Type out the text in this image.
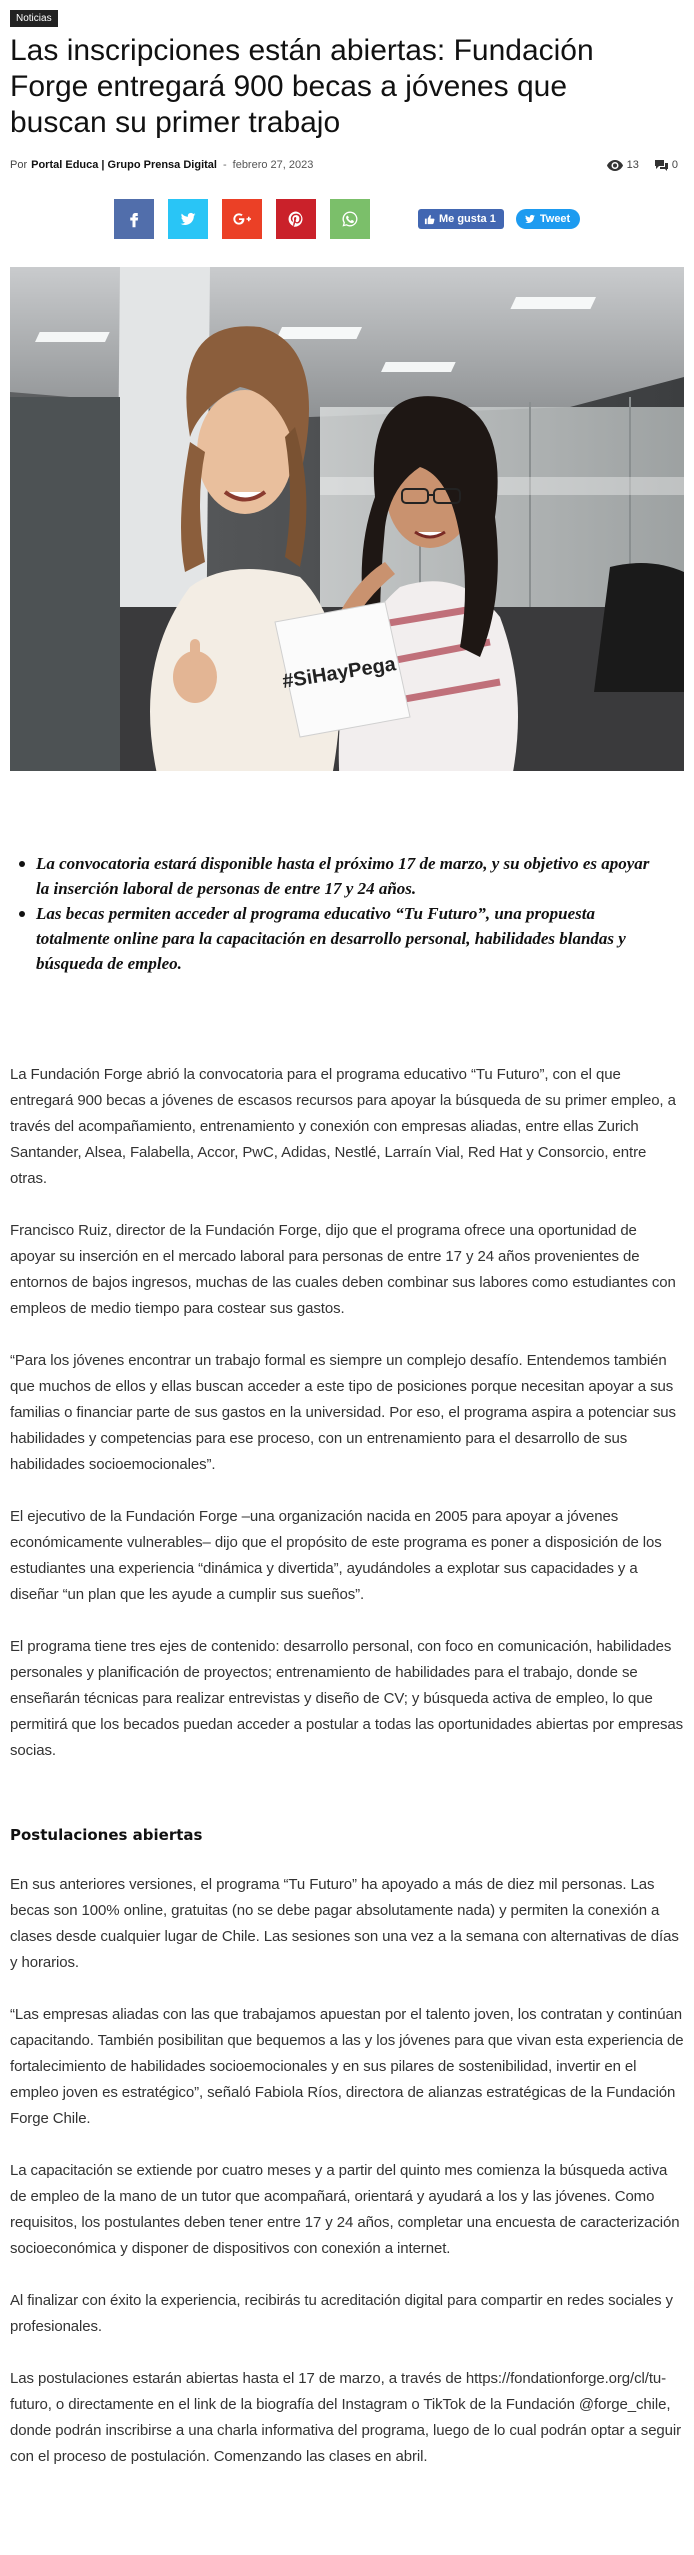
Noticias
Las inscripciones están abiertas: Fundación Forge entregará 900 becas a jóvenes que buscan su primer trabajo
Por Portal Educa | Grupo Prensa Digital - febrero 27, 2023	13	0
Me gusta 1	Tweet
#SiHayPega
La convocatoria estará disponible hasta el próximo 17 de marzo, y su objetivo es apoyar la inserción laboral de personas de entre 17 y 24 años.
Las becas permiten acceder al programa educativo “Tu Futuro”, una propuesta totalmente online para la capacitación en desarrollo personal, habilidades blandas y búsqueda de empleo.

La Fundación Forge abrió la convocatoria para el programa educativo “Tu Futuro”, con el que entregará 900 becas a jóvenes de escasos recursos para apoyar la búsqueda de su primer empleo, a través del acompañamiento, entrenamiento y conexión con empresas aliadas, entre ellas Zurich Santander, Alsea, Falabella, Accor, PwC, Adidas, Nestlé, Larraín Vial, Red Hat y Consorcio, entre otras.

Francisco Ruiz, director de la Fundación Forge, dijo que el programa ofrece una oportunidad de apoyar su inserción en el mercado laboral para personas de entre 17 y 24 años provenientes de entornos de bajos ingresos, muchas de las cuales deben combinar sus labores como estudiantes con empleos de medio tiempo para costear sus gastos.

“Para los jóvenes encontrar un trabajo formal es siempre un complejo desafío. Entendemos también que muchos de ellos y ellas buscan acceder a este tipo de posiciones porque necesitan apoyar a sus familias o financiar parte de sus gastos en la universidad. Por eso, el programa aspira a potenciar sus habilidades y competencias para ese proceso, con un entrenamiento para el desarrollo de sus habilidades socioemocionales”.

El ejecutivo de la Fundación Forge –una organización nacida en 2005 para apoyar a jóvenes económicamente vulnerables– dijo que el propósito de este programa es poner a disposición de los estudiantes una experiencia “dinámica y divertida”, ayudándoles a explotar sus capacidades y a diseñar “un plan que les ayude a cumplir sus sueños”.

El programa tiene tres ejes de contenido: desarrollo personal, con foco en comunicación, habilidades personales y planificación de proyectos; entrenamiento de habilidades para el trabajo, donde se enseñarán técnicas para realizar entrevistas y diseño de CV; y búsqueda activa de empleo, lo que permitirá que los becados puedan acceder a postular a todas las oportunidades abiertas por empresas socias.

Postulaciones abiertas

En sus anteriores versiones, el programa “Tu Futuro” ha apoyado a más de diez mil personas. Las becas son 100% online, gratuitas (no se debe pagar absolutamente nada) y permiten la conexión a clases desde cualquier lugar de Chile. Las sesiones son una vez a la semana con alternativas de días y horarios.

“Las empresas aliadas con las que trabajamos apuestan por el talento joven, los contratan y continúan capacitando. También posibilitan que bequemos a las y los jóvenes para que vivan esta experiencia de fortalecimiento de habilidades socioemocionales y en sus pilares de sostenibilidad, invertir en el empleo joven es estratégico”, señaló Fabiola Ríos, directora de alianzas estratégicas de la Fundación Forge Chile.

La capacitación se extiende por cuatro meses y a partir del quinto mes comienza la búsqueda activa de empleo de la mano de un tutor que acompañará, orientará y ayudará a los y las jóvenes. Como requisitos, los postulantes deben tener entre 17 y 24 años, completar una encuesta de caracterización socioeconómica y disponer de dispositivos con conexión a internet.

Al finalizar con éxito la experiencia, recibirás tu acreditación digital para compartir en redes sociales y profesionales.

Las postulaciones estarán abiertas hasta el 17 de marzo, a través de https://fondationforge.org/cl/tu-futuro, o directamente en el link de la biografía del Instagram o TikTok de la Fundación @forge_chile, donde podrán inscribirse a una charla informativa del programa, luego de lo cual podrán optar a seguir con el proceso de postulación. Comenzando las clases en abril.
